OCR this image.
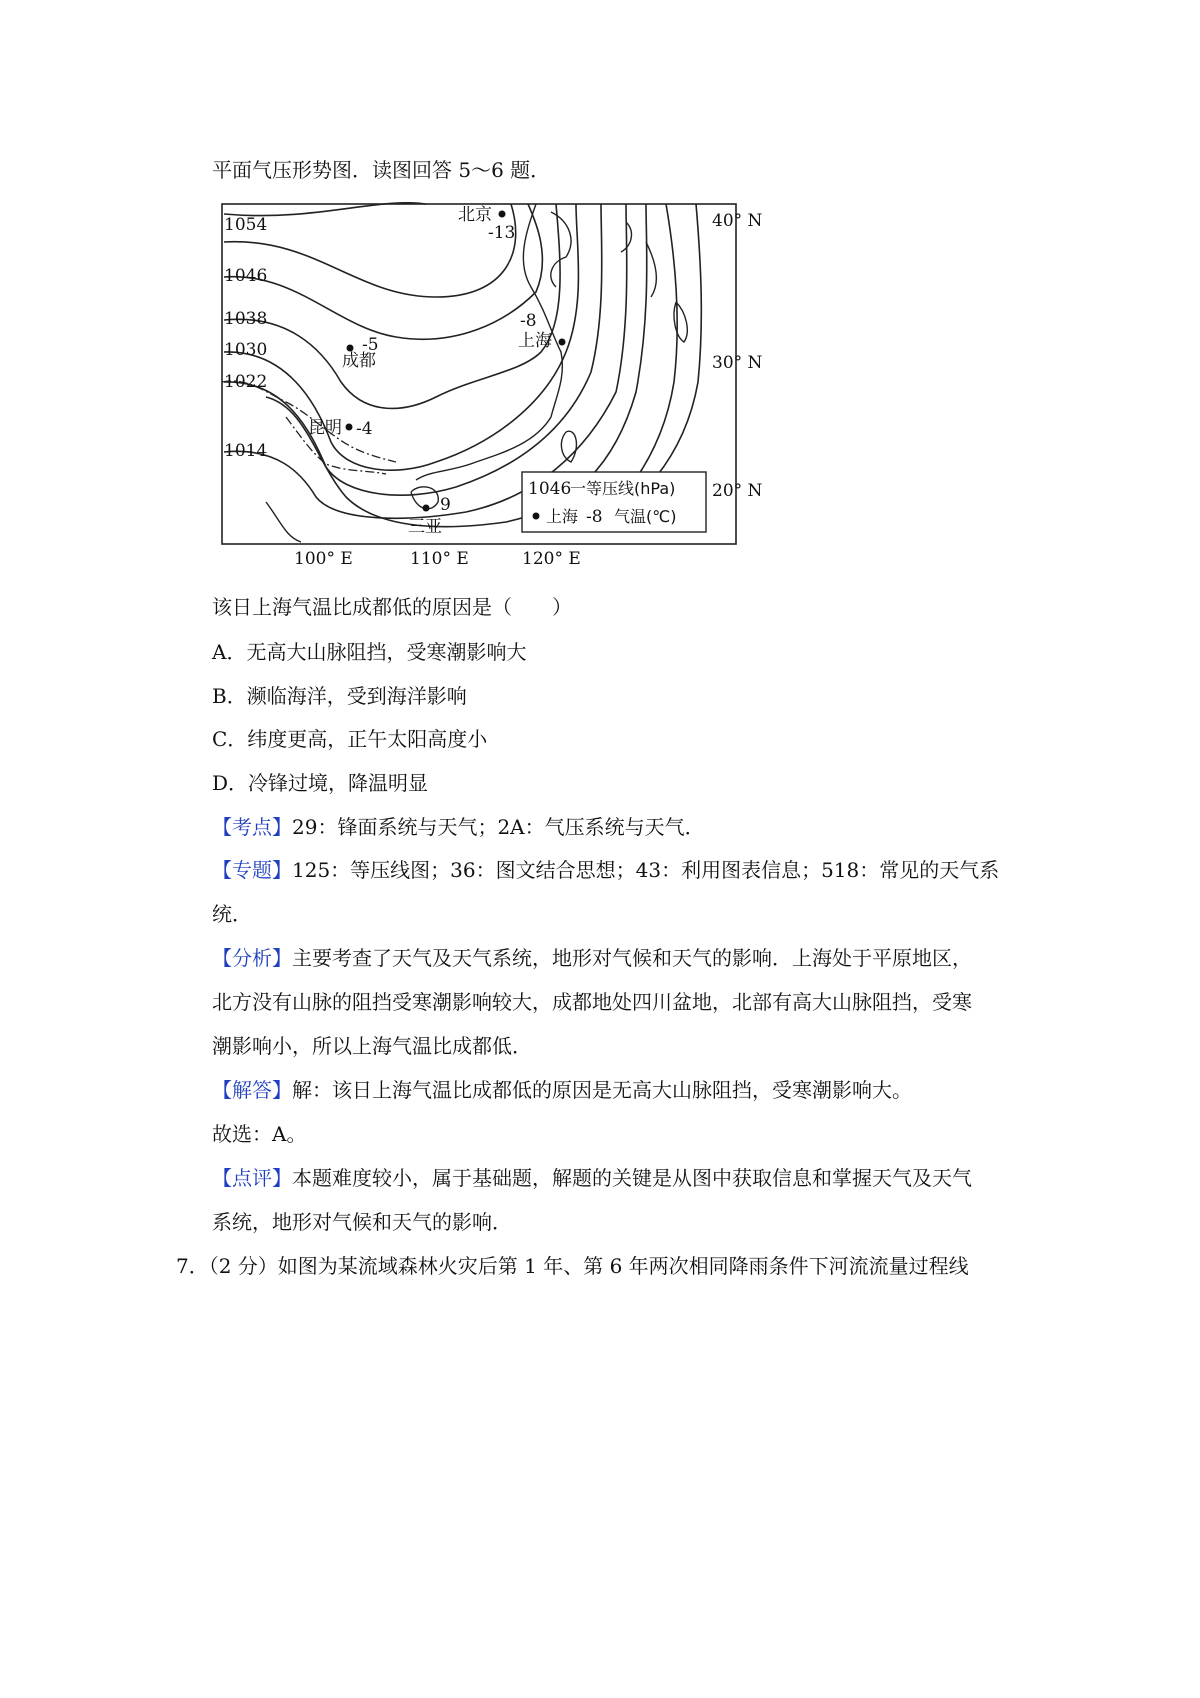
平面气压形势图．读图回答 5～6 题．
1054
1046
1038
1030
1022
1014
40° N
30° N
20° N
100° E	110° E	120° E
北京
-13
成都
-5	上海
-8
昆明 -4
三亚
9
1046
一等压线(hPa)
上海 -8 气温(℃)
该日上海气温比成都低的原因是（　　）
A．无高大山脉阻挡，受寒潮影响大
B．濒临海洋，受到海洋影响
C．纬度更高，正午太阳高度小
D．冷锋过境，降温明显
【考点】29：锋面系统与天气；2A：气压系统与天气．
【专题】125：等压线图；36：图文结合思想；43：利用图表信息；518：常见的天气系
统．
【分析】主要考查了天气及天气系统，地形对气候和天气的影响．上海处于平原地区，
北方没有山脉的阻挡受寒潮影响较大，成都地处四川盆地，北部有高大山脉阻挡，受寒
潮影响小，所以上海气温比成都低．
【解答】解：该日上海气温比成都低的原因是无高大山脉阻挡，受寒潮影响大。
故选：A。
【点评】本题难度较小，属于基础题，解题的关键是从图中获取信息和掌握天气及天气
系统，地形对气候和天气的影响．
7．（2 分）如图为某流域森林火灾后第 1 年、第 6 年两次相同降雨条件下河流流量过程线
